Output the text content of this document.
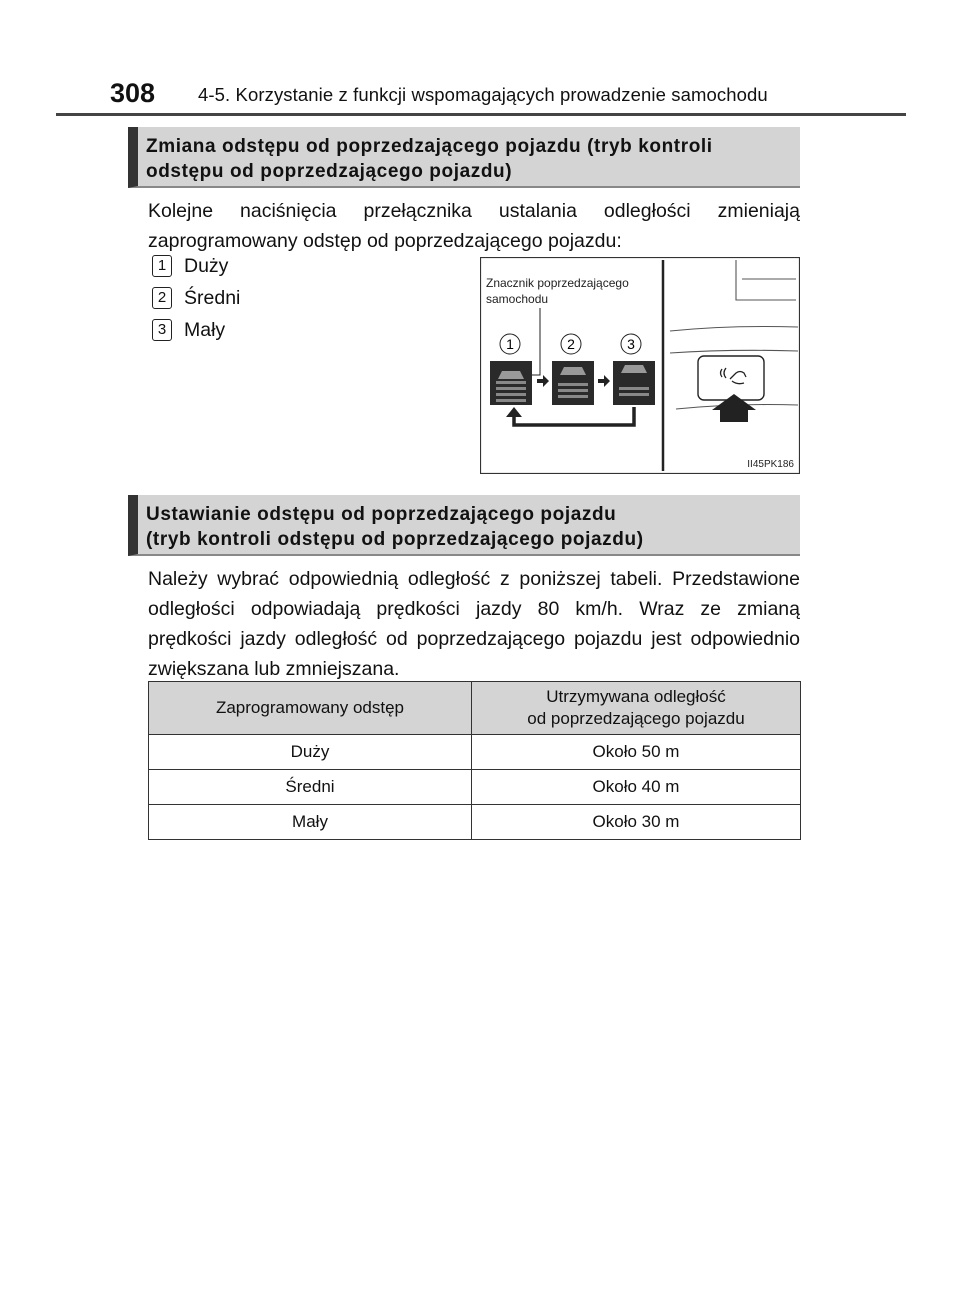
308 4-5. Korzystanie z funkcji wspomagających prowadzenie samochodu
Zmiana odstępu od poprzedzającego pojazdu (tryb kontroli
odstępu od poprzedzającego pojazdu)
Kolejne naciśnięcia przełącznika ustalania odległości zmieniają zaprogramowany odstęp od poprzedzającego pojazdu:
1 Duży
2 Średni
3 Mały
Znacznik poprzedzającego
samochodu
1	2	3
II45PK186
Ustawianie odstępu od poprzedzającego pojazdu
(tryb kontroli odstępu od poprzedzającego pojazdu)
Należy wybrać odpowiednią odległość z poniższej tabeli. Przedstawione odległości odpowiadają prędkości jazdy 80 km/h. Wraz ze zmianą prędkości jazdy odległość od poprzedzającego pojazdu jest odpowiednio zwiększana lub zmniejszana.
Zaprogramowany odstęp	Utrzymywana odległość
od poprzedzającego pojazdu

Duży	Około 50 m
Średni	Około 40 m
Mały	Około 30 m
